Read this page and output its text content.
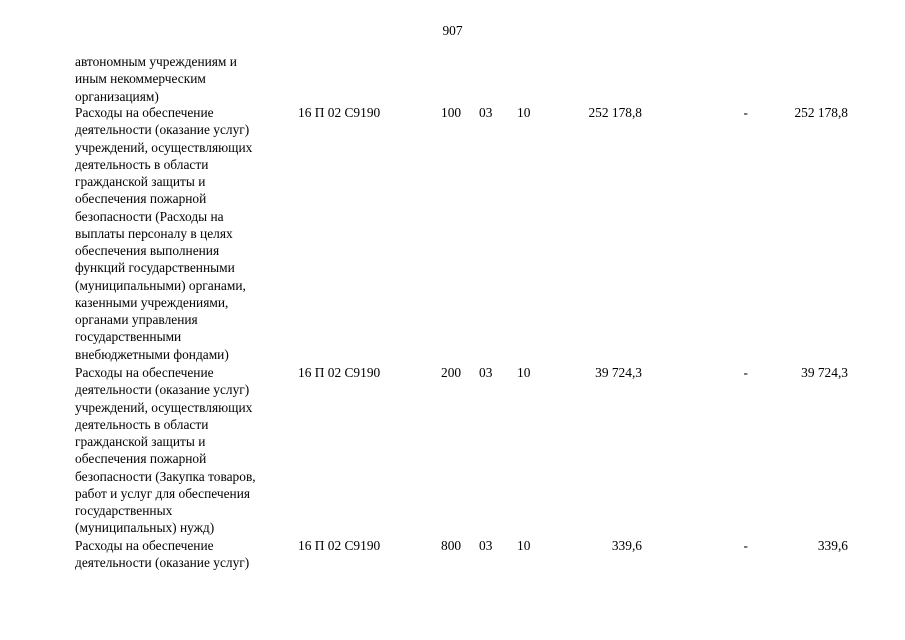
907
автономным учреждениям и
иным некоммерческим
организациям)
Расходы на обеспечение
деятельности (оказание услуг)
учреждений, осуществляющих
деятельность в области
гражданской защиты и
обеспечения пожарной
безопасности (Расходы на
выплаты персоналу в целях
обеспечения выполнения
функций государственными
(муниципальными) органами,
казенными учреждениями,
органами управления
государственными
внебюджетными фондами)
16 П 02 С9190	100 03 10	252 178,8	-	252 178,8
Расходы на обеспечение
деятельности (оказание услуг)
учреждений, осуществляющих
деятельность в области
гражданской защиты и
обеспечения пожарной
безопасности (Закупка товаров,
работ и услуг для обеспечения
государственных
(муниципальных) нужд)
16 П 02 С9190	200 03 10	39 724,3	-	39 724,3
Расходы на обеспечение
деятельности (оказание услуг)
16 П 02 С9190	800 03 10	339,6	-	339,6
